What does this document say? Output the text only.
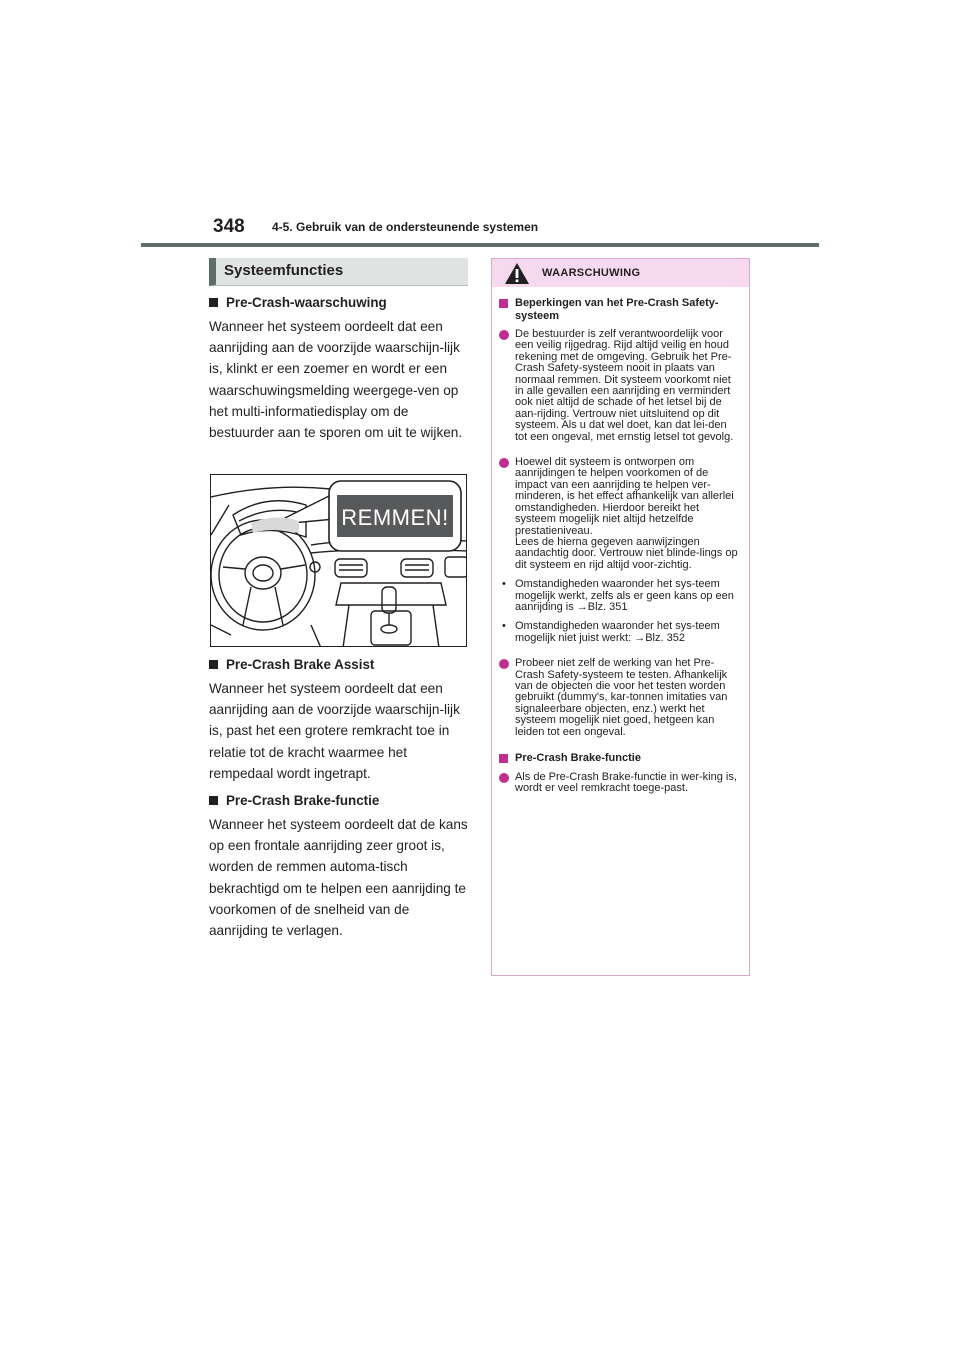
348 4-5. Gebruik van de ondersteunende systemen
Systeemfuncties
Pre-Crash-waarschuwing

Wanneer het systeem oordeelt dat een aanrijding aan de voorzijde waarschijn-lijk is, klinkt er een zoemer en wordt er een waarschuwingsmelding weergege-ven op het multi-informatiedisplay om de bestuurder aan te sporen om uit te wijken.

REMMEN!
Pre-Crash Brake Assist

Wanneer het systeem oordeelt dat een aanrijding aan de voorzijde waarschijn-lijk is, past het een grotere remkracht toe in relatie tot de kracht waarmee het rempedaal wordt ingetrapt.

Pre-Crash Brake-functie

Wanneer het systeem oordeelt dat de kans op een frontale aanrijding zeer groot is, worden de remmen automa-tisch bekrachtigd om te helpen een aanrijding te voorkomen of de snelheid van de aanrijding te verlagen.

WAARSCHUWING
Beperkingen van het Pre-Crash Safety-systeem
De bestuurder is zelf verantwoordelijk voor een veilig rijgedrag. Rijd altijd veilig en houd rekening met de omgeving. Gebruik het Pre-Crash Safety-systeem nooit in plaats van normaal remmen. Dit systeem voorkomt niet in alle gevallen een aanrijding en vermindert ook niet altijd de schade of het letsel bij de aan-rijding. Vertrouw niet uitsluitend op dit systeem. Als u dat wel doet, kan dat lei-den tot een ongeval, met ernstig letsel tot gevolg.
Hoewel dit systeem is ontworpen om aanrijdingen te helpen voorkomen of de impact van een aanrijding te helpen ver-minderen, is het effect afhankelijk van allerlei omstandigheden. Hierdoor bereikt het systeem mogelijk niet altijd hetzelfde prestatieniveau.
Lees de hierna gegeven aanwijzingen aandachtig door. Vertrouw niet blinde-lings op dit systeem en rijd altijd voor-zichtig.
• Omstandigheden waaronder het sys-teem mogelijk werkt, zelfs als er geen kans op een aanrijding is →Blz. 351
• Omstandigheden waaronder het sys-teem mogelijk niet juist werkt: →Blz. 352
Probeer niet zelf de werking van het Pre-Crash Safety-systeem te testen. Afhankelijk van de objecten die voor het testen worden gebruikt (dummy's, kar-tonnen imitaties van signaleerbare objecten, enz.) werkt het systeem mogelijk niet goed, hetgeen kan leiden tot een ongeval.
Pre-Crash Brake-functie
Als de Pre-Crash Brake-functie in wer-king is, wordt er veel remkracht toege-past.
